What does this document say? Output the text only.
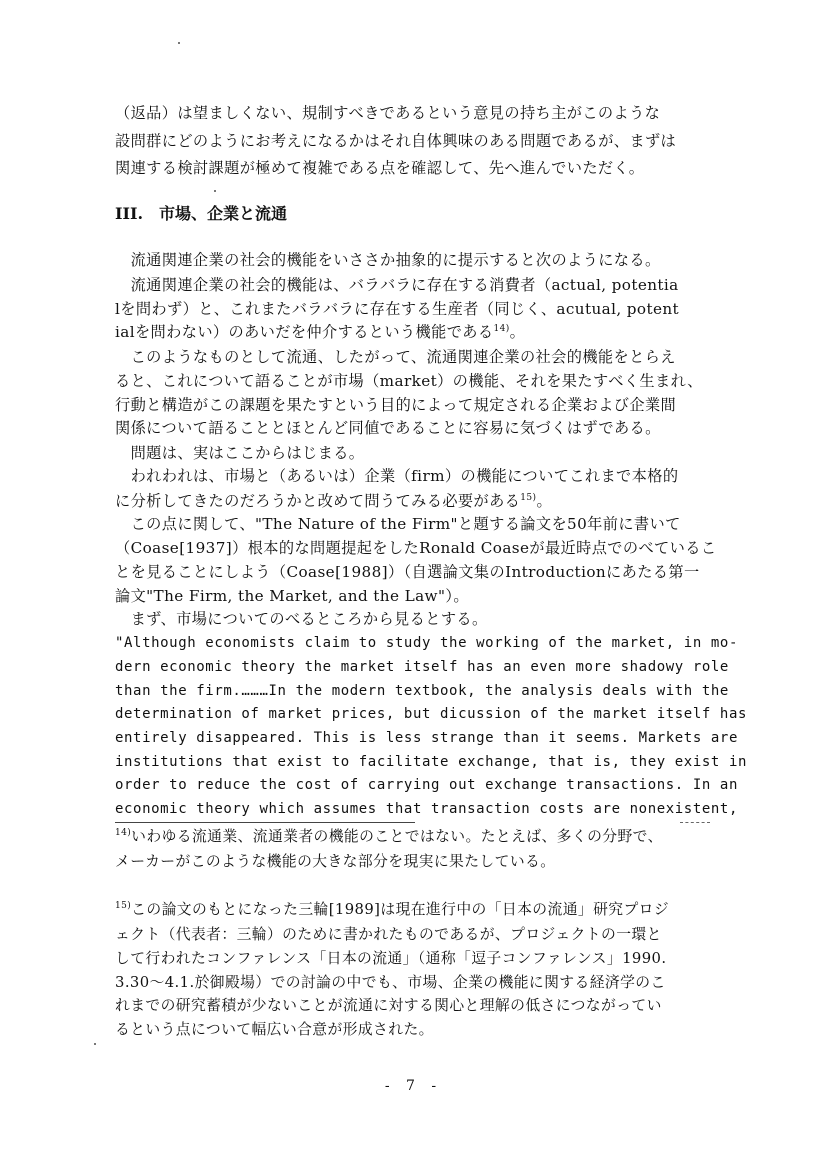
（返品）は望ましくない、規制すべきであるという意見の持ち主がこのような
設問群にどのようにお考えになるかはそれ自体興味のある問題であるが、まずは
関連する検討課題が極めて複雑である点を確認して、先へ進んでいただく。
III.　市場、企業と流通
　流通関連企業の社会的機能をいささか抽象的に提示すると次のようになる。
　流通関連企業の社会的機能は、バラバラに存在する消費者（actual, potentia
lを問わず）と、これまたバラバラに存在する生産者（同じく、acutual, potent
ialを問わない）のあいだを仲介するという機能である$^{14)}$。
　このようなものとして流通、したがって、流通関連企業の社会的機能をとらえ
ると、これについて語ることが市場（market）の機能、それを果たすべく生まれ、
行動と構造がこの課題を果たすという目的によって規定される企業および企業間
関係について語ることとほとんど同値であることに容易に気づくはずである。
　問題は、実はここからはじまる。
　われわれは、市場と（あるいは）企業（firm）の機能についてこれまで本格的
に分析してきたのだろうかと改めて問うてみる必要がある$^{15)}$。
　この点に関して、"The Nature of the Firm"と題する論文を50年前に書いて
（Coase[1937]）根本的な問題提起をしたRonald Coaseが最近時点でのべているこ
とを見ることにしよう（Coase[1988]）（自選論文集のIntroductionにあたる第一
論文"The Firm, the Market, and the Law"）。
　まず、市場についてのべるところから見るとする。
"Although economists claim to study the working of the market, in mo-
dern economic theory the market itself has an even more shadowy role
than the firm.………In the modern textbook, the analysis deals with the
determination of market prices, but dicussion of the market itself has
entirely disappeared. This is less strange than it seems. Markets are
institutions that exist to facilitate exchange, that is, they exist in
order to reduce the cost of carrying out exchange transactions. In an
economic theory which assumes that transaction costs are nonexistent,
$^{14)}$いわゆる流通業、流通業者の機能のことではない。たとえば、多くの分野で、
メーカーがこのような機能の大きな部分を現実に果たしている。
$^{15)}$この論文のもとになった三輪[1989]は現在進行中の「日本の流通」研究プロジ
ェクト（代表者：三輪）のために書かれたものであるが、プロジェクトの一環と
して行われたコンファレンス「日本の流通」（通称「逗子コンファレンス」1990.
3.30～4.1.於御殿場）での討論の中でも、市場、企業の機能に関する経済学のこ
れまでの研究蓄積が少ないことが流通に対する関心と理解の低さにつながってい
るという点について幅広い合意が形成された。
- 7 -
